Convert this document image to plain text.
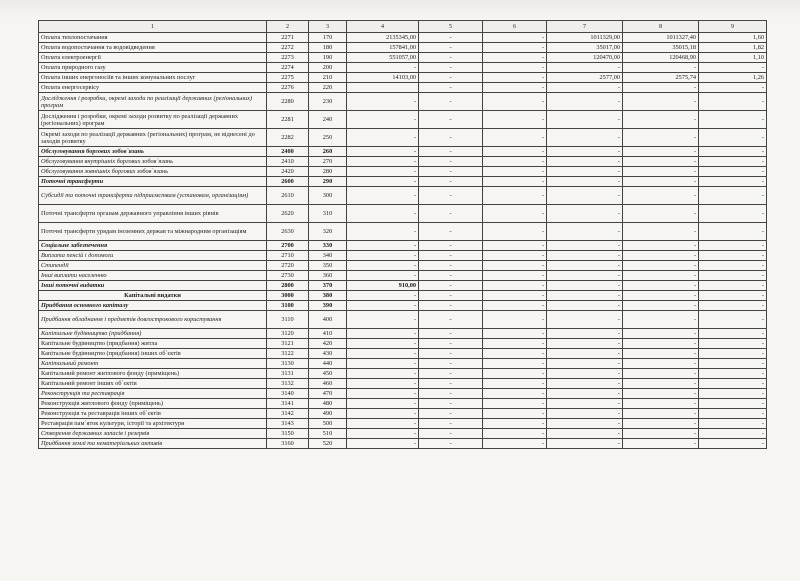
1	2	3	4	5	6	7	8	9
Оплата теплопостачання	2271	170	2135345,00	-	-	1011329,00	1011327,40	1,60
Оплата водопостачання та водовідведення	2272	180	157841,00	-	-	35017,00	35015,18	1,82
Оплата електроенергії	2273	190	551057,00	-	-	120470,00	120468,90	1,10
Оплата природного газу	2274	200	-	-	-	-	-	-
Оплата інших енергоносіїв та інших комунальних послуг	2275	210	14103,00	-	-	2577,00	2575,74	1,26
Оплата енергосервісу	2276	220		-	-	-	-	-
Дослідження і розробки, окремі заходи по реалізації державних (регіональних) програм	2280	230	-	-	-	-	-	-
Дослідження і розробки, окремі заходи розвитку по реалізації державних (регіональних) програм	2281	240	-	-	-	-	-	-
Окремі заходи по реалізації державних (регіональних) програм, не віднесені до заходів розвитку	2282	250	-	-	-	-	-	-
Обслуговування боргових зобов`язань	2400	260	-	-	-	-	-	-
Обслуговування внутрішніх боргових зобов`язань	2410	270	-	-	-	-	-	-
Обслуговування зовнішніх боргових зобов`язань	2420	280	-	-	-	-	-	-
Поточні трансферти	2600	290	-	-	-	-	-	-
Субсидії та поточні трансферти підприємствам (установам, організаціям)	2610	300	-	-	-	-	-	-
Поточні трансферти органам державного управління інших рівнів	2620	310	-	-	-	-	-	-
Поточні трансферти урядам іноземних держав та міжнародним організаціям	2630	320	-	-	-	-	-	-
Соціальне забезпечення	2700	330	-	-	-	-	-	-
Виплата пенсій і допомоги	2710	340	-	-	-	-	-	-
Стипендії	2720	350	-	-	-	-	-	-
Інші виплати населенню	2730	360	-	-	-	-	-	-
Інші поточні видатки	2800	370	910,00	-	-	-	-	-
Капітальні видатки	3000	380	-	-	-	-	-	-
Придбання основного капіталу	3100	390	-	-	-	-	-	-
Придбання обладнання і предметів довгострокового користування	3110	400	-	-	-	-	-	-
Капітальне будівництво (придбання)	3120	410	-	-	-	-	-	-
Капітальне будівництво (придбання) житла	3121	420	-	-	-	-	-	-
Капітальне будівництво (придбання) інших об`єктів	3122	430	-	-	-	-	-	-
Капітальний ремонт	3130	440	-	-	-	-	-	-
Капітальний ремонт житлового фонду (приміщень)	3131	450	-	-	-	-	-	-
Капітальний ремонт інших об`єктів	3132	460	-	-	-	-	-	-
Реконструкція та реставрація	3140	470	-	-	-	-	-	-
Реконструкція житлового фонду (приміщень)	3141	480	-	-	-	-	-	-
Реконструкція та реставрація інших об`єктів	3142	490	-	-	-	-	-	-
Реставрація пам`яток культури, історії та архітектури	3143	500	-	-	-	-	-	-
Створення державних запасів і резервів	3150	510	-	-	-	-	-	-
Придбання землі та нематеріальних активів	3160	520	-	-	-	-	-	-
